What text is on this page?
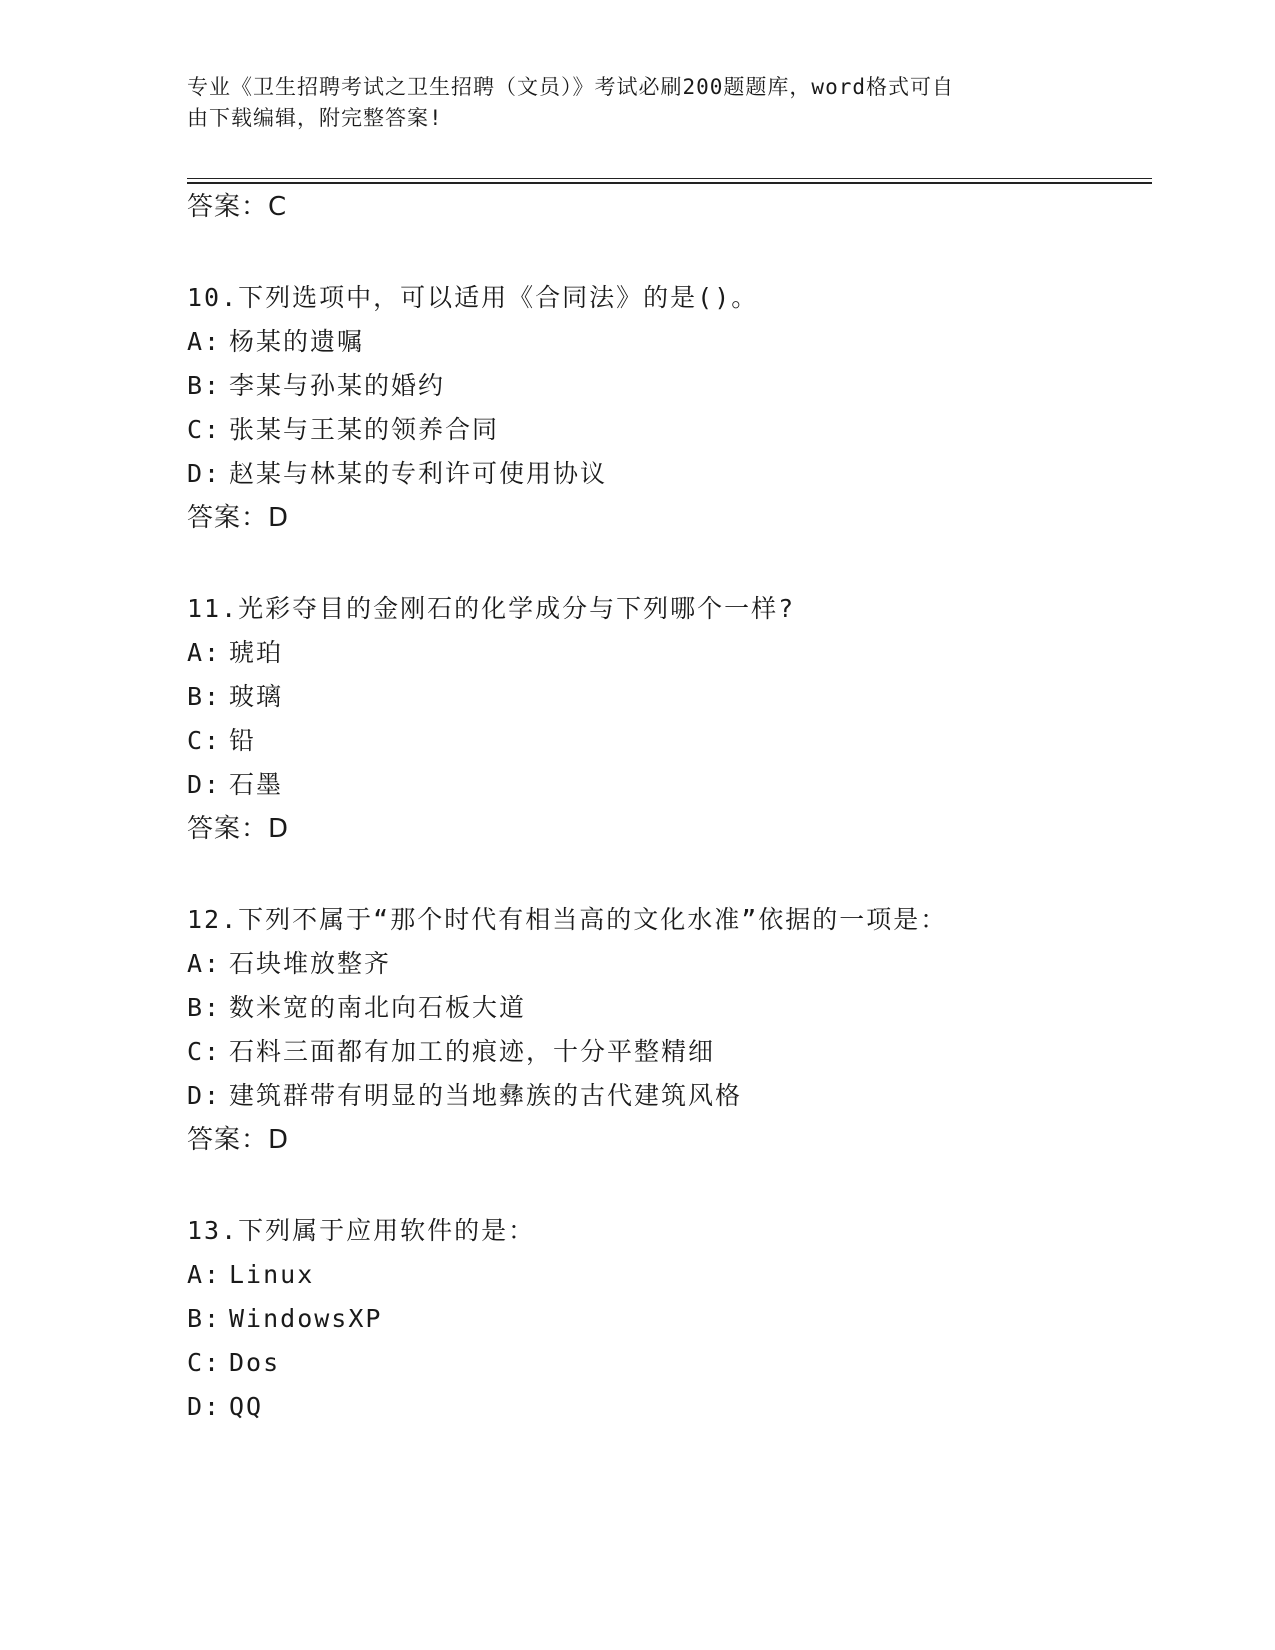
专业《卫生招聘考试之卫生招聘（文员）》考试必刷200题题库，word格式可自
由下载编辑，附完整答案!
答案：C
10.下列选项中，可以适用《合同法》的是()。
A: 杨某的遗嘱
B: 李某与孙某的婚约
C: 张某与王某的领养合同
D: 赵某与林某的专利许可使用协议
答案：D
11.光彩夺目的金刚石的化学成分与下列哪个一样?
A: 琥珀
B: 玻璃
C: 铅
D: 石墨
答案：D
12.下列不属于“那个时代有相当高的文化水准”依据的一项是：
A: 石块堆放整齐
B: 数米宽的南北向石板大道
C: 石料三面都有加工的痕迹，十分平整精细
D: 建筑群带有明显的当地彝族的古代建筑风格
答案：D
13.下列属于应用软件的是：
A: Linux
B: WindowsXP
C: Dos
D: QQ
